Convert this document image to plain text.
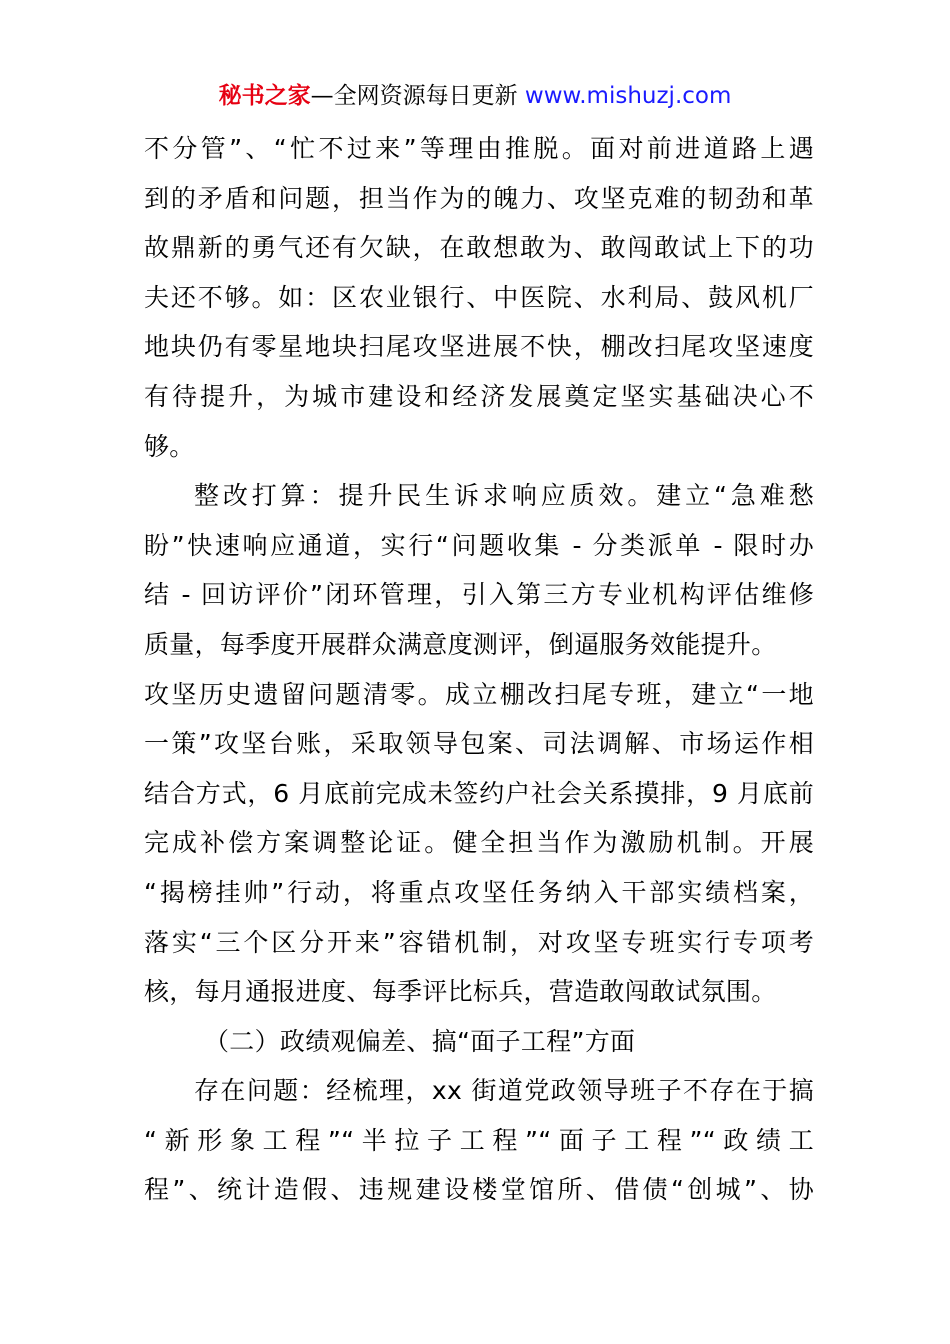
秘书之家—全网资源每日更新 www.mishuzj.com
不分管”、“忙不过来”等理由推脱。面对前进道路上遇
到的矛盾和问题，担当作为的魄力、攻坚克难的韧劲和革
故鼎新的勇气还有欠缺，在敢想敢为、敢闯敢试上下的功
夫还不够。如：区农业银行、中医院、水利局、鼓风机厂
地块仍有零星地块扫尾攻坚进展不快，棚改扫尾攻坚速度
有待提升，为城市建设和经济发展奠定坚实基础决心不
够。
整改打算：提升民生诉求响应质效。建立“急难愁
盼”快速响应通道，实行“问题收集 - 分类派单 - 限时办
结 - 回访评价”闭环管理，引入第三方专业机构评估维修
质量，每季度开展群众满意度测评，倒逼服务效能提升。
攻坚历史遗留问题清零。成立棚改扫尾专班，建立“一地
一策”攻坚台账，采取领导包案、司法调解、市场运作相
结合方式，6 月底前完成未签约户社会关系摸排，9 月底前
完成补偿方案调整论证。健全担当作为激励机制。开展
“揭榜挂帅”行动，将重点攻坚任务纳入干部实绩档案，
落实“三个区分开来”容错机制，对攻坚专班实行专项考
核，每月通报进度、每季评比标兵，营造敢闯敢试氛围。
（二）政绩观偏差、搞“面子工程”方面
存在问题：经梳理，xx 街道党政领导班子不存在于搞
“新形象工程”“半拉子工程”“面子工程”“政绩工
程”、统计造假、违规建设楼堂馆所、借债“创城”、协
